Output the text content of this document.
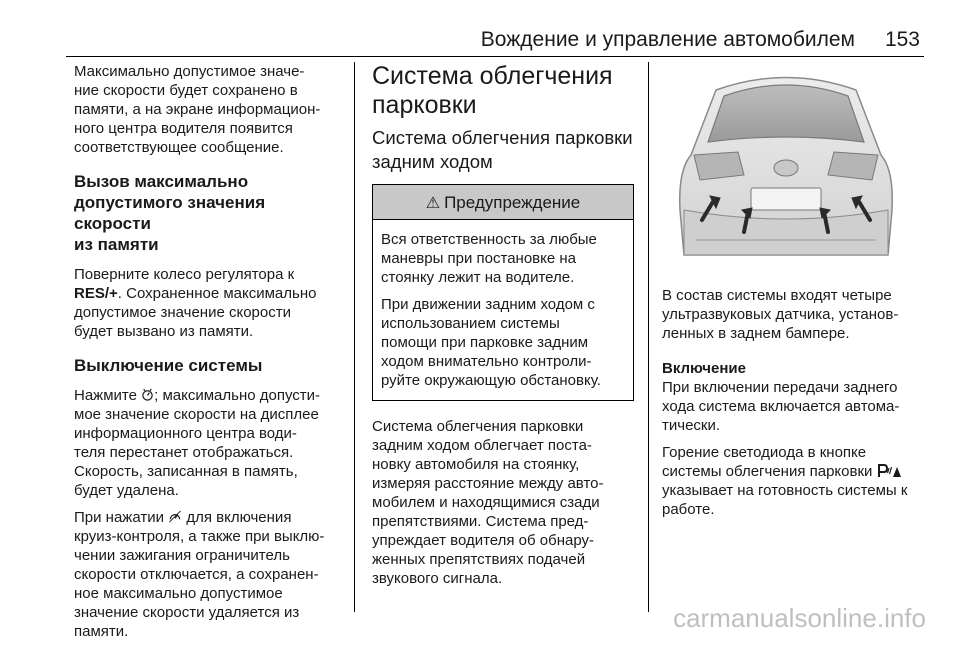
Вождение и управление автомобилем 153

Максимально допустимое значе-
ние скорости будет сохранено в
памяти, а на экране информацион-
ного центра водителя появится
соответствующее сообщение.

Вызов максимально
допустимого значения скорости
из памяти

Поверните колесо регулятора к
RES/+. Сохраненное максимально
допустимое значение скорости
будет вызвано из памяти.

Выключение системы

Нажмите ; максимально допусти-
мое значение скорости на дисплее
информационного центра води-
теля перестанет отображаться.
Скорость, записанная в память,
будет удалена.

При нажатии для включения
круиз-контроля, а также при выклю-
чении зажигания ограничитель
скорости отключается, а сохранен-
ное максимально допустимое
значение скорости удаляется из
памяти.

Система облегчения
парковки
Система облегчения парковки
задним ходом
⚠ Предупреждение

Вся ответственность за любые
маневры при постановке на
стоянку лежит на водителе.

При движении задним ходом с
использованием системы
помощи при парковке задним
ходом внимательно контроли-
руйте окружающую обстановку.

Система облегчения парковки
задним ходом облегчает поста-
новку автомобиля на стоянку,
измеряя расстояние между авто-
мобилем и находящимися сзади
препятствиями. Система пред-
упреждает водителя об обнару-
женных препятствиях подачей
звукового сигнала.

В состав системы входят четыре
ультразвуковых датчика, установ-
ленных в заднем бампере.

Включение

При включении передачи заднего
хода система включается автома-
тически.

Горение светодиода в кнопке
системы облегчения парковки
указывает на готовность системы к
работе.

carmanualsonline.info
